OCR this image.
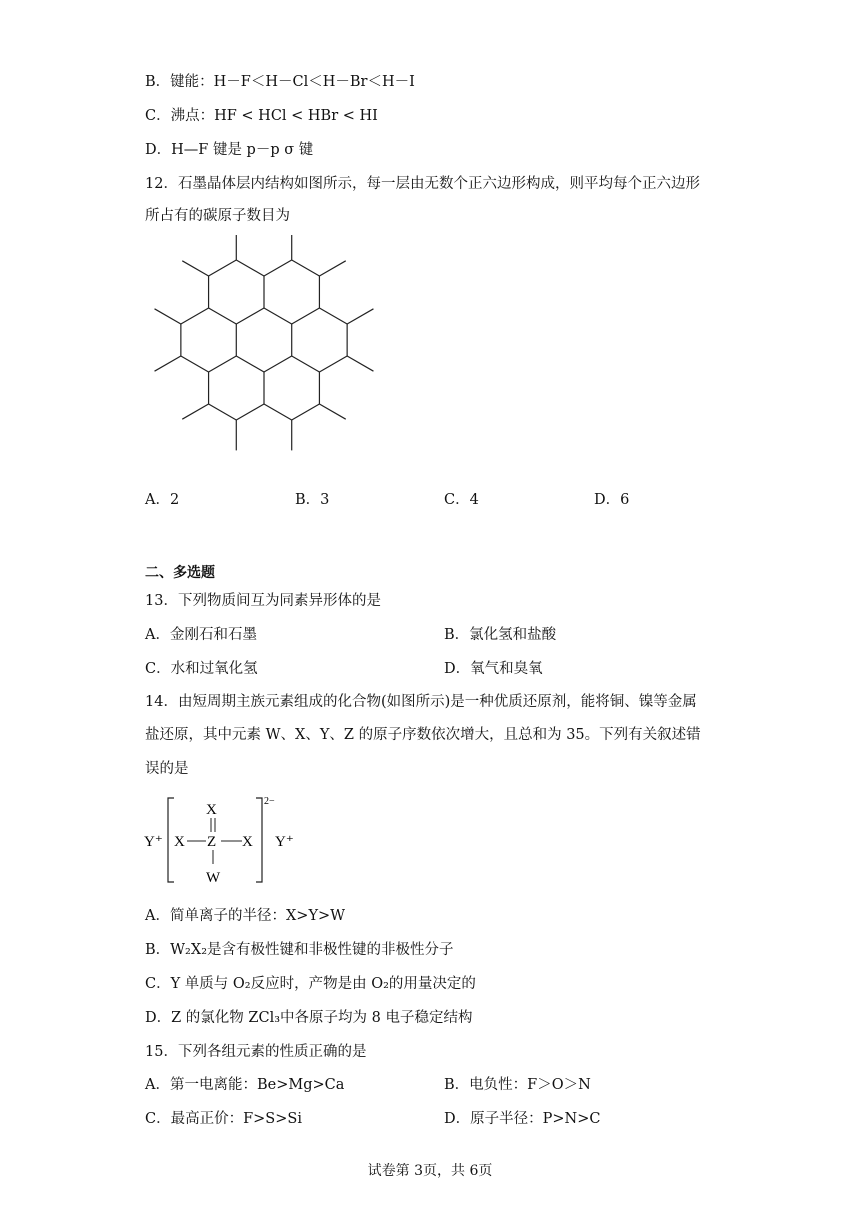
B．键能：H－F＜H－Cl＜H－Br＜H－I
C．沸点：HF < HCl < HBr < HI
D．H—F 键是 p－p σ 键
12．石墨晶体层内结构如图所示，每一层由无数个正六边形构成，则平均每个正六边形
所占有的碳原子数目为
A．2	B．3	C．4	D．6
二、多选题
13．下列物质间互为同素异形体的是
A．金刚石和石墨	B．氯化氢和盐酸
C．水和过氧化氢	D．氧气和臭氧
14．由短周期主族元素组成的化合物(如图所示)是一种优质还原剂，能将铜、镍等金属
盐还原，其中元素 W、X、Y、Z 的原子序数依次增大，且总和为 35。下列有关叙述错
误的是
Y⁺
X
X Z X
W
2−
Y⁺
A．简单离子的半径：X>Y>W
B．W₂X₂是含有极性键和非极性键的非极性分子
C．Y 单质与 O₂反应时，产物是由 O₂的用量决定的
D．Z 的氯化物 ZCl₃中各原子均为 8 电子稳定结构
15．下列各组元素的性质正确的是
A．第一电离能：Be>Mg>Ca	B．电负性：F＞O＞N
C．最高正价：F>S>Si	D．原子半径：P>N>C
试卷第 3页，共 6页
